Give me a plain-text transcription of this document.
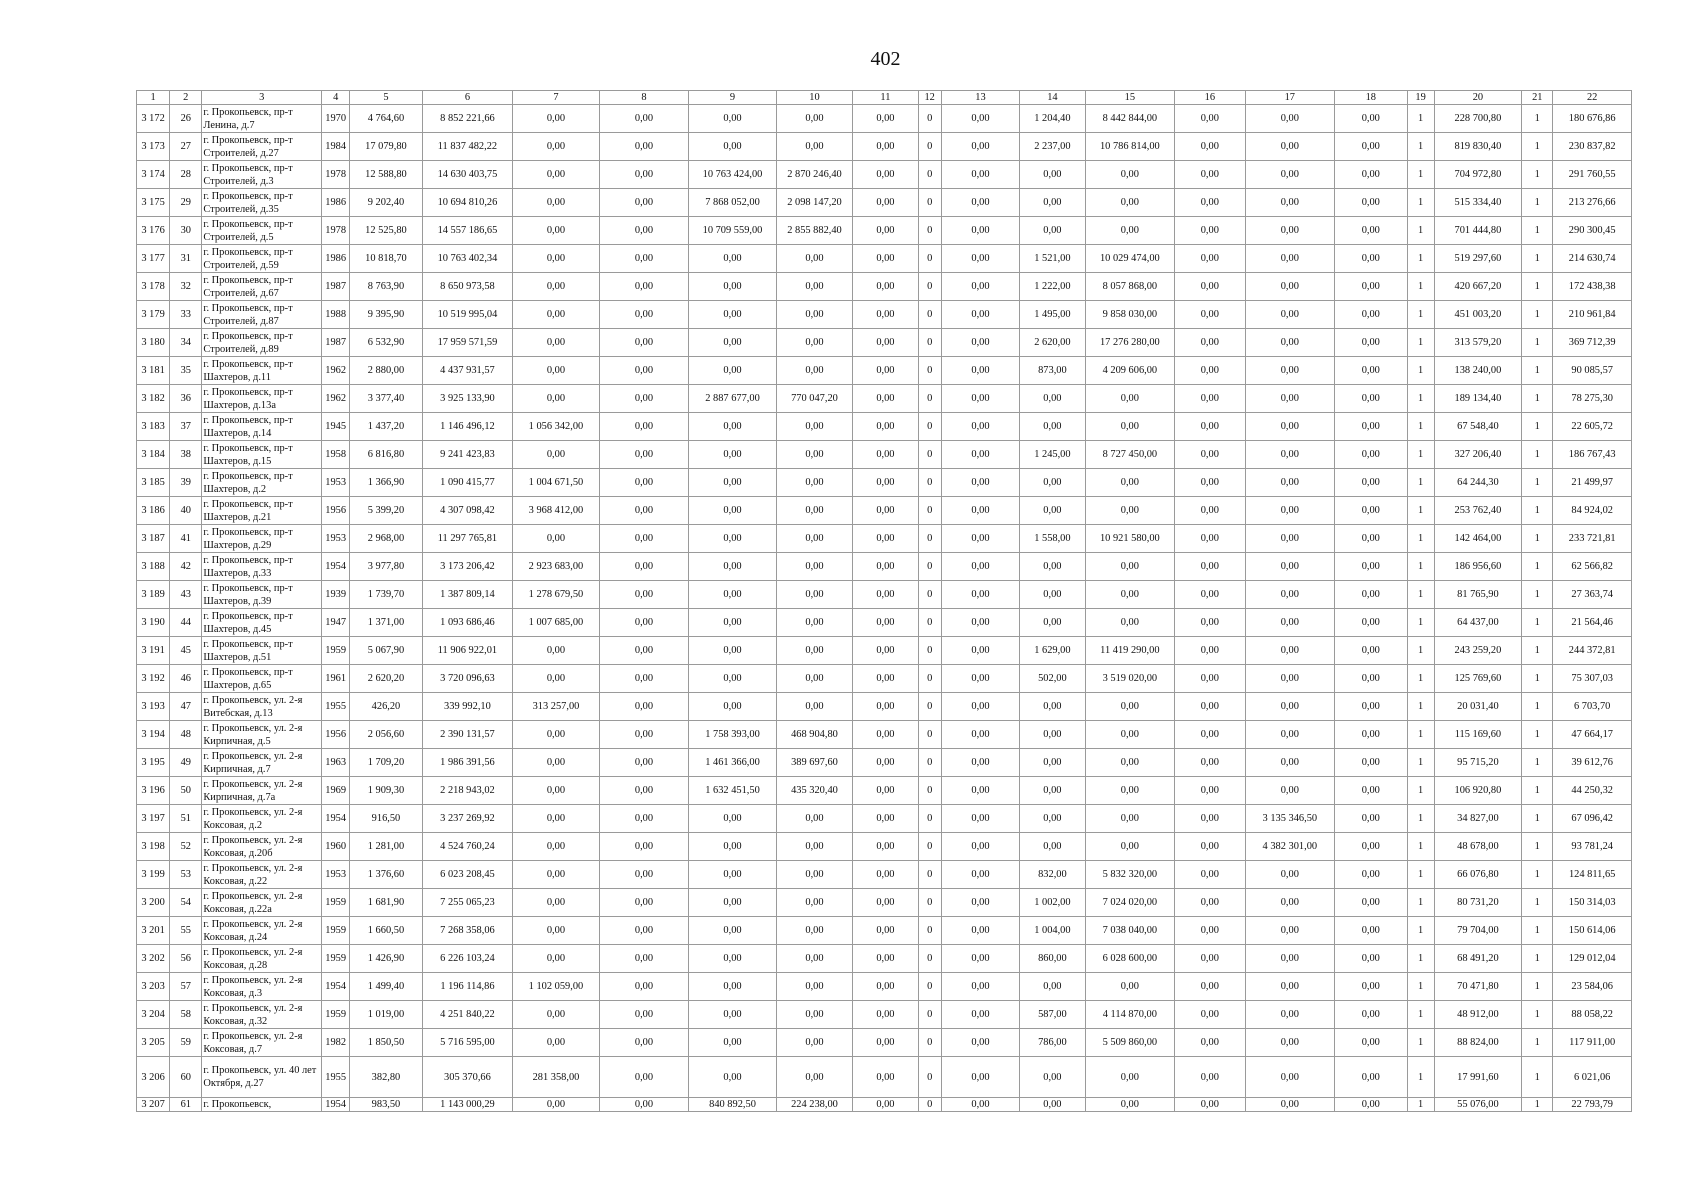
402
1	2	3	4	5	6	7	8	9	10	11	12	13	14	15	16	17	18	19	20	21	22
3 172	26	г. Прокопьевск, пр-т Ленина, д.7	1970	4 764,60	8 852 221,66	0,00	0,00	0,00	0,00	0,00	0	0,00	1 204,40	8 442 844,00	0,00	0,00	0,00	1	228 700,80	1	180 676,86
3 173	27	г. Прокопьевск, пр-т Строителей, д.27	1984	17 079,80	11 837 482,22	0,00	0,00	0,00	0,00	0,00	0	0,00	2 237,00	10 786 814,00	0,00	0,00	0,00	1	819 830,40	1	230 837,82
3 174	28	г. Прокопьевск, пр-т Строителей, д.3	1978	12 588,80	14 630 403,75	0,00	0,00	10 763 424,00	2 870 246,40	0,00	0	0,00	0,00	0,00	0,00	0,00	0,00	1	704 972,80	1	291 760,55
3 175	29	г. Прокопьевск, пр-т Строителей, д.35	1986	9 202,40	10 694 810,26	0,00	0,00	7 868 052,00	2 098 147,20	0,00	0	0,00	0,00	0,00	0,00	0,00	0,00	1	515 334,40	1	213 276,66
3 176	30	г. Прокопьевск, пр-т Строителей, д.5	1978	12 525,80	14 557 186,65	0,00	0,00	10 709 559,00	2 855 882,40	0,00	0	0,00	0,00	0,00	0,00	0,00	0,00	1	701 444,80	1	290 300,45
3 177	31	г. Прокопьевск, пр-т Строителей, д.59	1986	10 818,70	10 763 402,34	0,00	0,00	0,00	0,00	0,00	0	0,00	1 521,00	10 029 474,00	0,00	0,00	0,00	1	519 297,60	1	214 630,74
3 178	32	г. Прокопьевск, пр-т Строителей, д.67	1987	8 763,90	8 650 973,58	0,00	0,00	0,00	0,00	0,00	0	0,00	1 222,00	8 057 868,00	0,00	0,00	0,00	1	420 667,20	1	172 438,38
3 179	33	г. Прокопьевск, пр-т Строителей, д.87	1988	9 395,90	10 519 995,04	0,00	0,00	0,00	0,00	0,00	0	0,00	1 495,00	9 858 030,00	0,00	0,00	0,00	1	451 003,20	1	210 961,84
3 180	34	г. Прокопьевск, пр-т Строителей, д.89	1987	6 532,90	17 959 571,59	0,00	0,00	0,00	0,00	0,00	0	0,00	2 620,00	17 276 280,00	0,00	0,00	0,00	1	313 579,20	1	369 712,39
3 181	35	г. Прокопьевск, пр-т Шахтеров, д.11	1962	2 880,00	4 437 931,57	0,00	0,00	0,00	0,00	0,00	0	0,00	873,00	4 209 606,00	0,00	0,00	0,00	1	138 240,00	1	90 085,57
3 182	36	г. Прокопьевск, пр-т Шахтеров, д.13а	1962	3 377,40	3 925 133,90	0,00	0,00	2 887 677,00	770 047,20	0,00	0	0,00	0,00	0,00	0,00	0,00	0,00	1	189 134,40	1	78 275,30
3 183	37	г. Прокопьевск, пр-т Шахтеров, д.14	1945	1 437,20	1 146 496,12	1 056 342,00	0,00	0,00	0,00	0,00	0	0,00	0,00	0,00	0,00	0,00	0,00	1	67 548,40	1	22 605,72
3 184	38	г. Прокопьевск, пр-т Шахтеров, д.15	1958	6 816,80	9 241 423,83	0,00	0,00	0,00	0,00	0,00	0	0,00	1 245,00	8 727 450,00	0,00	0,00	0,00	1	327 206,40	1	186 767,43
3 185	39	г. Прокопьевск, пр-т Шахтеров, д.2	1953	1 366,90	1 090 415,77	1 004 671,50	0,00	0,00	0,00	0,00	0	0,00	0,00	0,00	0,00	0,00	0,00	1	64 244,30	1	21 499,97
3 186	40	г. Прокопьевск, пр-т Шахтеров, д.21	1956	5 399,20	4 307 098,42	3 968 412,00	0,00	0,00	0,00	0,00	0	0,00	0,00	0,00	0,00	0,00	0,00	1	253 762,40	1	84 924,02
3 187	41	г. Прокопьевск, пр-т Шахтеров, д.29	1953	2 968,00	11 297 765,81	0,00	0,00	0,00	0,00	0,00	0	0,00	1 558,00	10 921 580,00	0,00	0,00	0,00	1	142 464,00	1	233 721,81
3 188	42	г. Прокопьевск, пр-т Шахтеров, д.33	1954	3 977,80	3 173 206,42	2 923 683,00	0,00	0,00	0,00	0,00	0	0,00	0,00	0,00	0,00	0,00	0,00	1	186 956,60	1	62 566,82
3 189	43	г. Прокопьевск, пр-т Шахтеров, д.39	1939	1 739,70	1 387 809,14	1 278 679,50	0,00	0,00	0,00	0,00	0	0,00	0,00	0,00	0,00	0,00	0,00	1	81 765,90	1	27 363,74
3 190	44	г. Прокопьевск, пр-т Шахтеров, д.45	1947	1 371,00	1 093 686,46	1 007 685,00	0,00	0,00	0,00	0,00	0	0,00	0,00	0,00	0,00	0,00	0,00	1	64 437,00	1	21 564,46
3 191	45	г. Прокопьевск, пр-т Шахтеров, д.51	1959	5 067,90	11 906 922,01	0,00	0,00	0,00	0,00	0,00	0	0,00	1 629,00	11 419 290,00	0,00	0,00	0,00	1	243 259,20	1	244 372,81
3 192	46	г. Прокопьевск, пр-т Шахтеров, д.65	1961	2 620,20	3 720 096,63	0,00	0,00	0,00	0,00	0,00	0	0,00	502,00	3 519 020,00	0,00	0,00	0,00	1	125 769,60	1	75 307,03
3 193	47	г. Прокопьевск, ул. 2-я Витебская, д.13	1955	426,20	339 992,10	313 257,00	0,00	0,00	0,00	0,00	0	0,00	0,00	0,00	0,00	0,00	0,00	1	20 031,40	1	6 703,70
3 194	48	г. Прокопьевск, ул. 2-я Кирпичная, д.5	1956	2 056,60	2 390 131,57	0,00	0,00	1 758 393,00	468 904,80	0,00	0	0,00	0,00	0,00	0,00	0,00	0,00	1	115 169,60	1	47 664,17
3 195	49	г. Прокопьевск, ул. 2-я Кирпичная, д.7	1963	1 709,20	1 986 391,56	0,00	0,00	1 461 366,00	389 697,60	0,00	0	0,00	0,00	0,00	0,00	0,00	0,00	1	95 715,20	1	39 612,76
3 196	50	г. Прокопьевск, ул. 2-я Кирпичная, д.7а	1969	1 909,30	2 218 943,02	0,00	0,00	1 632 451,50	435 320,40	0,00	0	0,00	0,00	0,00	0,00	0,00	0,00	1	106 920,80	1	44 250,32
3 197	51	г. Прокопьевск, ул. 2-я Коксовая, д.2	1954	916,50	3 237 269,92	0,00	0,00	0,00	0,00	0,00	0	0,00	0,00	0,00	0,00	3 135 346,50	0,00	1	34 827,00	1	67 096,42
3 198	52	г. Прокопьевск, ул. 2-я Коксовая, д.20б	1960	1 281,00	4 524 760,24	0,00	0,00	0,00	0,00	0,00	0	0,00	0,00	0,00	0,00	4 382 301,00	0,00	1	48 678,00	1	93 781,24
3 199	53	г. Прокопьевск, ул. 2-я Коксовая, д.22	1953	1 376,60	6 023 208,45	0,00	0,00	0,00	0,00	0,00	0	0,00	832,00	5 832 320,00	0,00	0,00	0,00	1	66 076,80	1	124 811,65
3 200	54	г. Прокопьевск, ул. 2-я Коксовая, д.22а	1959	1 681,90	7 255 065,23	0,00	0,00	0,00	0,00	0,00	0	0,00	1 002,00	7 024 020,00	0,00	0,00	0,00	1	80 731,20	1	150 314,03
3 201	55	г. Прокопьевск, ул. 2-я Коксовая, д.24	1959	1 660,50	7 268 358,06	0,00	0,00	0,00	0,00	0,00	0	0,00	1 004,00	7 038 040,00	0,00	0,00	0,00	1	79 704,00	1	150 614,06
3 202	56	г. Прокопьевск, ул. 2-я Коксовая, д.28	1959	1 426,90	6 226 103,24	0,00	0,00	0,00	0,00	0,00	0	0,00	860,00	6 028 600,00	0,00	0,00	0,00	1	68 491,20	1	129 012,04
3 203	57	г. Прокопьевск, ул. 2-я Коксовая, д.3	1954	1 499,40	1 196 114,86	1 102 059,00	0,00	0,00	0,00	0,00	0	0,00	0,00	0,00	0,00	0,00	0,00	1	70 471,80	1	23 584,06
3 204	58	г. Прокопьевск, ул. 2-я Коксовая, д.32	1959	1 019,00	4 251 840,22	0,00	0,00	0,00	0,00	0,00	0	0,00	587,00	4 114 870,00	0,00	0,00	0,00	1	48 912,00	1	88 058,22
3 205	59	г. Прокопьевск, ул. 2-я Коксовая, д.7	1982	1 850,50	5 716 595,00	0,00	0,00	0,00	0,00	0,00	0	0,00	786,00	5 509 860,00	0,00	0,00	0,00	1	88 824,00	1	117 911,00
3 206	60	г. Прокопьевск, ул. 40 лет Октября, д.27	1955	382,80	305 370,66	281 358,00	0,00	0,00	0,00	0,00	0	0,00	0,00	0,00	0,00	0,00	0,00	1	17 991,60	1	6 021,06
3 207	61	г. Прокопьевск,	1954	983,50	1 143 000,29	0,00	0,00	840 892,50	224 238,00	0,00	0	0,00	0,00	0,00	0,00	0,00	0,00	1	55 076,00	1	22 793,79
